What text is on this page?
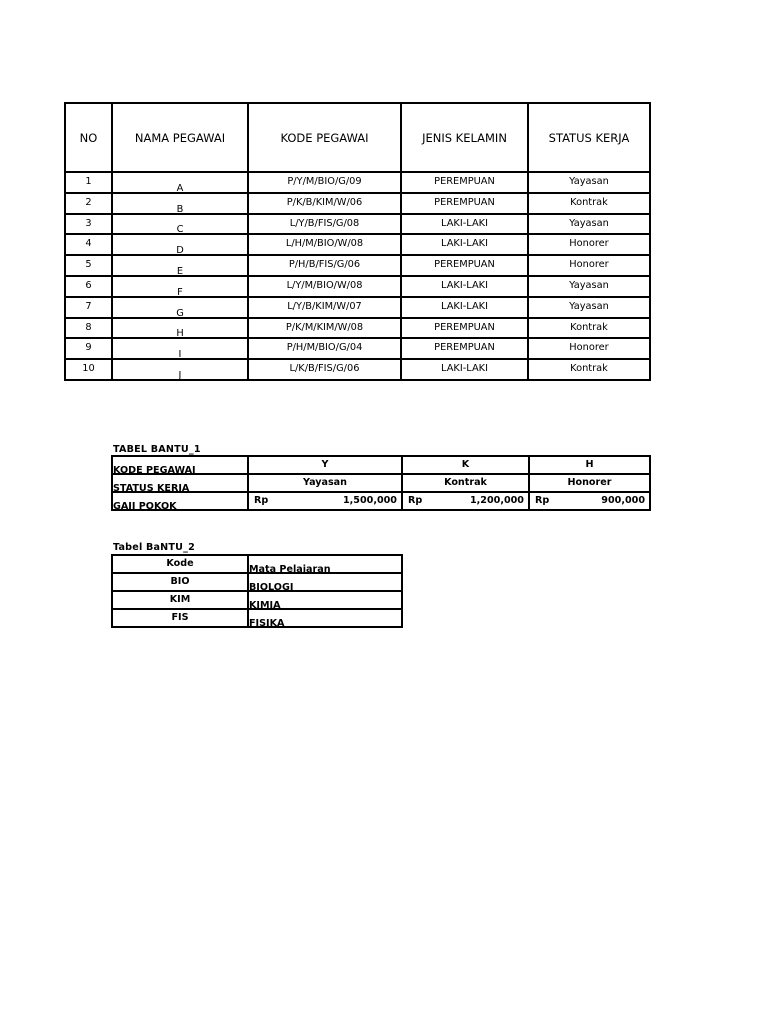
NO	NAMA PEGAWAI	KODE PEGAWAI	JENIS KELAMIN	STATUS KERJA
1	A	P/Y/M/BIO/G/09	PEREMPUAN	Yayasan
2	B	P/K/B/KIM/W/06	PEREMPUAN	Kontrak
3	C	L/Y/B/FIS/G/08	LAKI-LAKI	Yayasan
4	D	L/H/M/BIO/W/08	LAKI-LAKI	Honorer
5	E	P/H/B/FIS/G/06	PEREMPUAN	Honorer
6	F	L/Y/M/BIO/W/08	LAKI-LAKI	Yayasan
7	G	L/Y/B/KIM/W/07	LAKI-LAKI	Yayasan
8	H	P/K/M/KIM/W/08	PEREMPUAN	Kontrak
9	I	P/H/M/BIO/G/04	PEREMPUAN	Honorer
10	J	L/K/B/FIS/G/06	LAKI-LAKI	Kontrak
TABEL BANTU_1
KODE PEGAWAI	Y	K	H
STATUS KERJA	Yayasan	Kontrak	Honorer
GAJI POKOK	Rp 1,500,000	Rp 1,200,000	Rp 900,000
Tabel BaNTU_2
Kode	Mata Pelajaran
BIO	BIOLOGI
KIM	KIMIA
FIS	FISIKA
